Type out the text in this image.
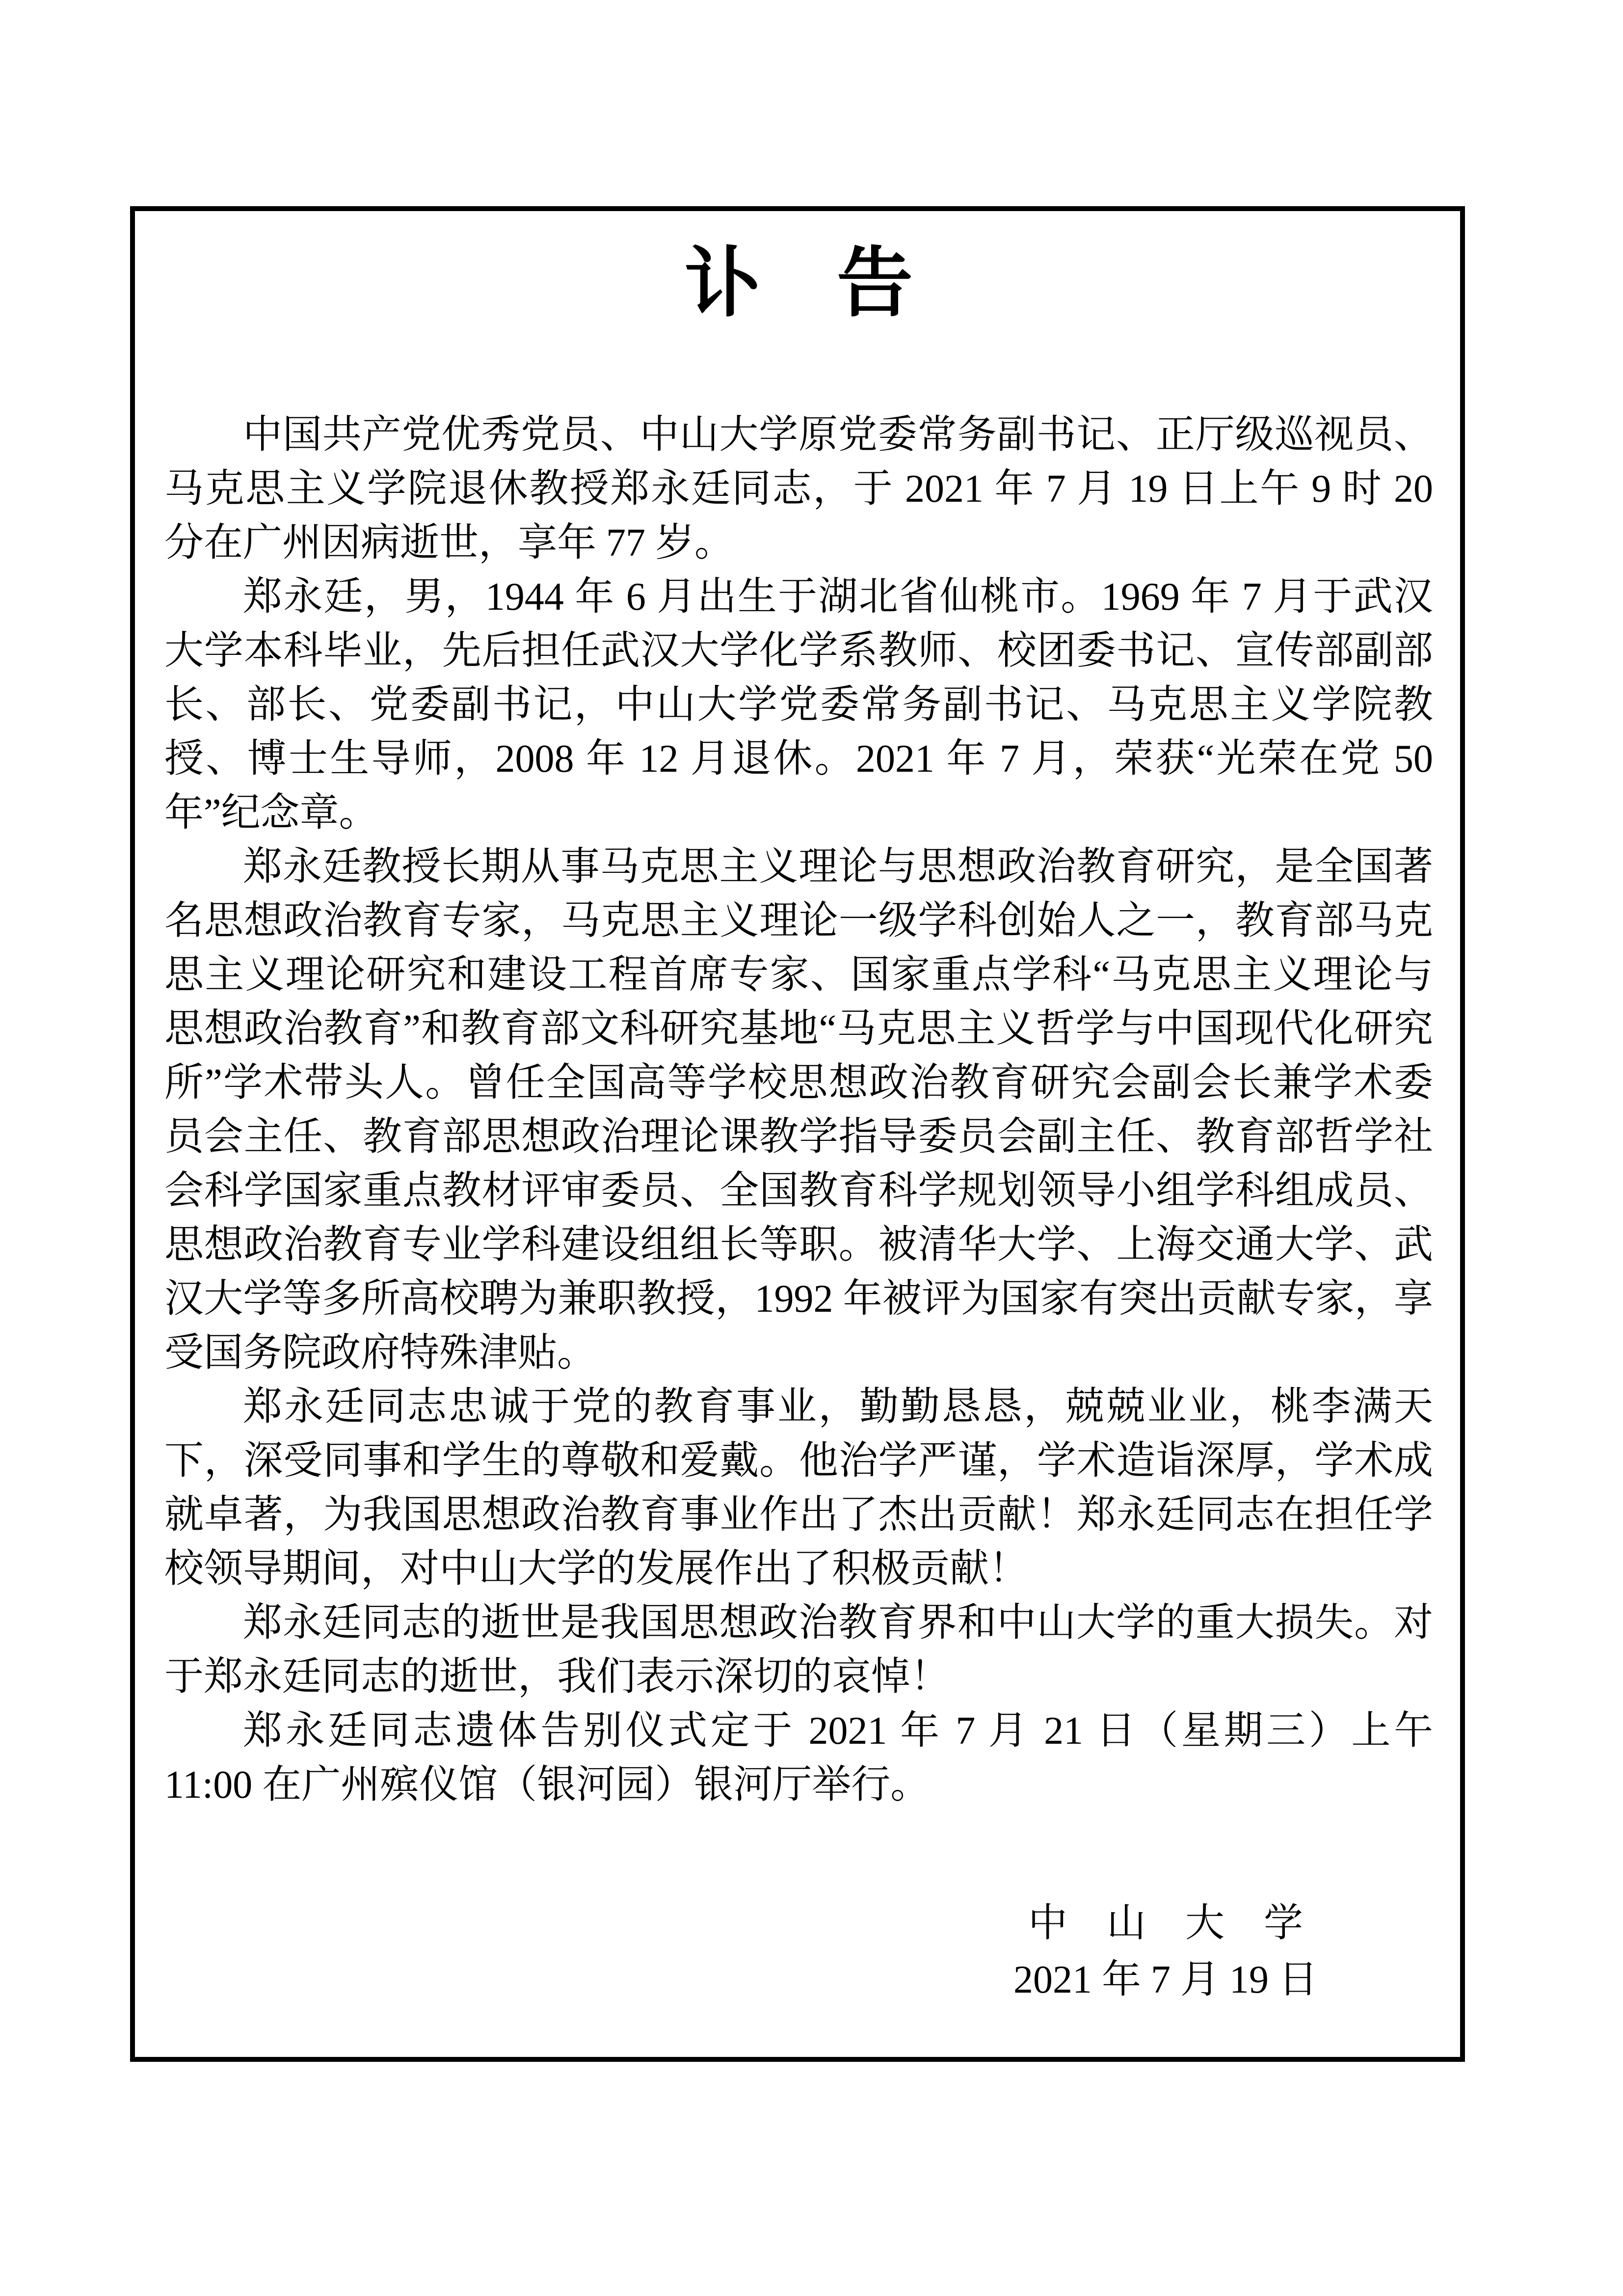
讣　告

中国共产党优秀党员、中山大学原党委常务副书记、正厅级巡视员、马克思主义学院退休教授郑永廷同志，于 2021 年 7 月 19 日上午 9 时 20 分在广州因病逝世，享年 77 岁。

郑永廷，男，1944 年 6 月出生于湖北省仙桃市。1969 年 7 月于武汉大学本科毕业，先后担任武汉大学化学系教师、校团委书记、宣传部副部长、部长、党委副书记，中山大学党委常务副书记、马克思主义学院教授、博士生导师，2008 年 12 月退休。2021 年 7 月，荣获“光荣在党 50年”纪念章。

郑永廷教授长期从事马克思主义理论与思想政治教育研究，是全国著名思想政治教育专家，马克思主义理论一级学科创始人之一，教育部马克思主义理论研究和建设工程首席专家、国家重点学科“马克思主义理论与思想政治教育”和教育部文科研究基地“马克思主义哲学与中国现代化研究所”学术带头人。曾任全国高等学校思想政治教育研究会副会长兼学术委员会主任、教育部思想政治理论课教学指导委员会副主任、教育部哲学社会科学国家重点教材评审委员、全国教育科学规划领导小组学科组成员、思想政治教育专业学科建设组组长等职。被清华大学、上海交通大学、武汉大学等多所高校聘为兼职教授，1992 年被评为国家有突出贡献专家，享受国务院政府特殊津贴。

郑永廷同志忠诚于党的教育事业，勤勤恳恳，兢兢业业，桃李满天下，深受同事和学生的尊敬和爱戴。他治学严谨，学术造诣深厚，学术成就卓著，为我国思想政治教育事业作出了杰出贡献！郑永廷同志在担任学校领导期间，对中山大学的发展作出了积极贡献！

郑永廷同志的逝世是我国思想政治教育界和中山大学的重大损失。对于郑永廷同志的逝世，我们表示深切的哀悼！

郑永廷同志遗体告别仪式定于 2021 年 7 月 21 日（星期三）上午 11:00 在广州殡仪馆（银河园）银河厅举行。

中　山　大　学
2021 年 7 月 19 日
